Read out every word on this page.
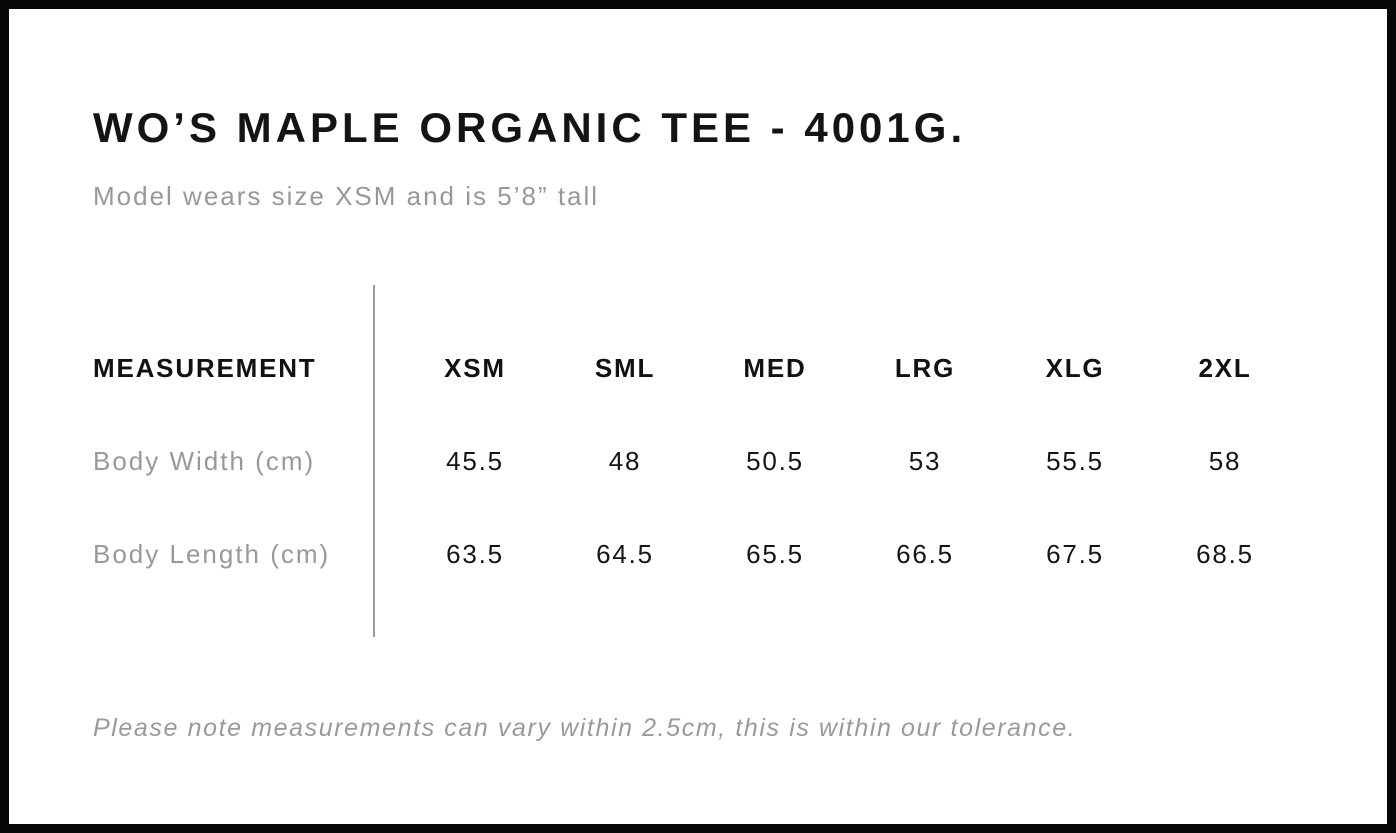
WO’S MAPLE ORGANIC TEE - 4001G.

Model wears size XSM and is 5’8” tall

MEASUREMENT	XSM	SML	MED	LRG	XLG	2XL
Body Width (cm)	45.5	48	50.5	53	55.5	58
Body Length (cm)	63.5	64.5	65.5	66.5	67.5	68.5

Please note measurements can vary within 2.5cm, this is within our tolerance.
